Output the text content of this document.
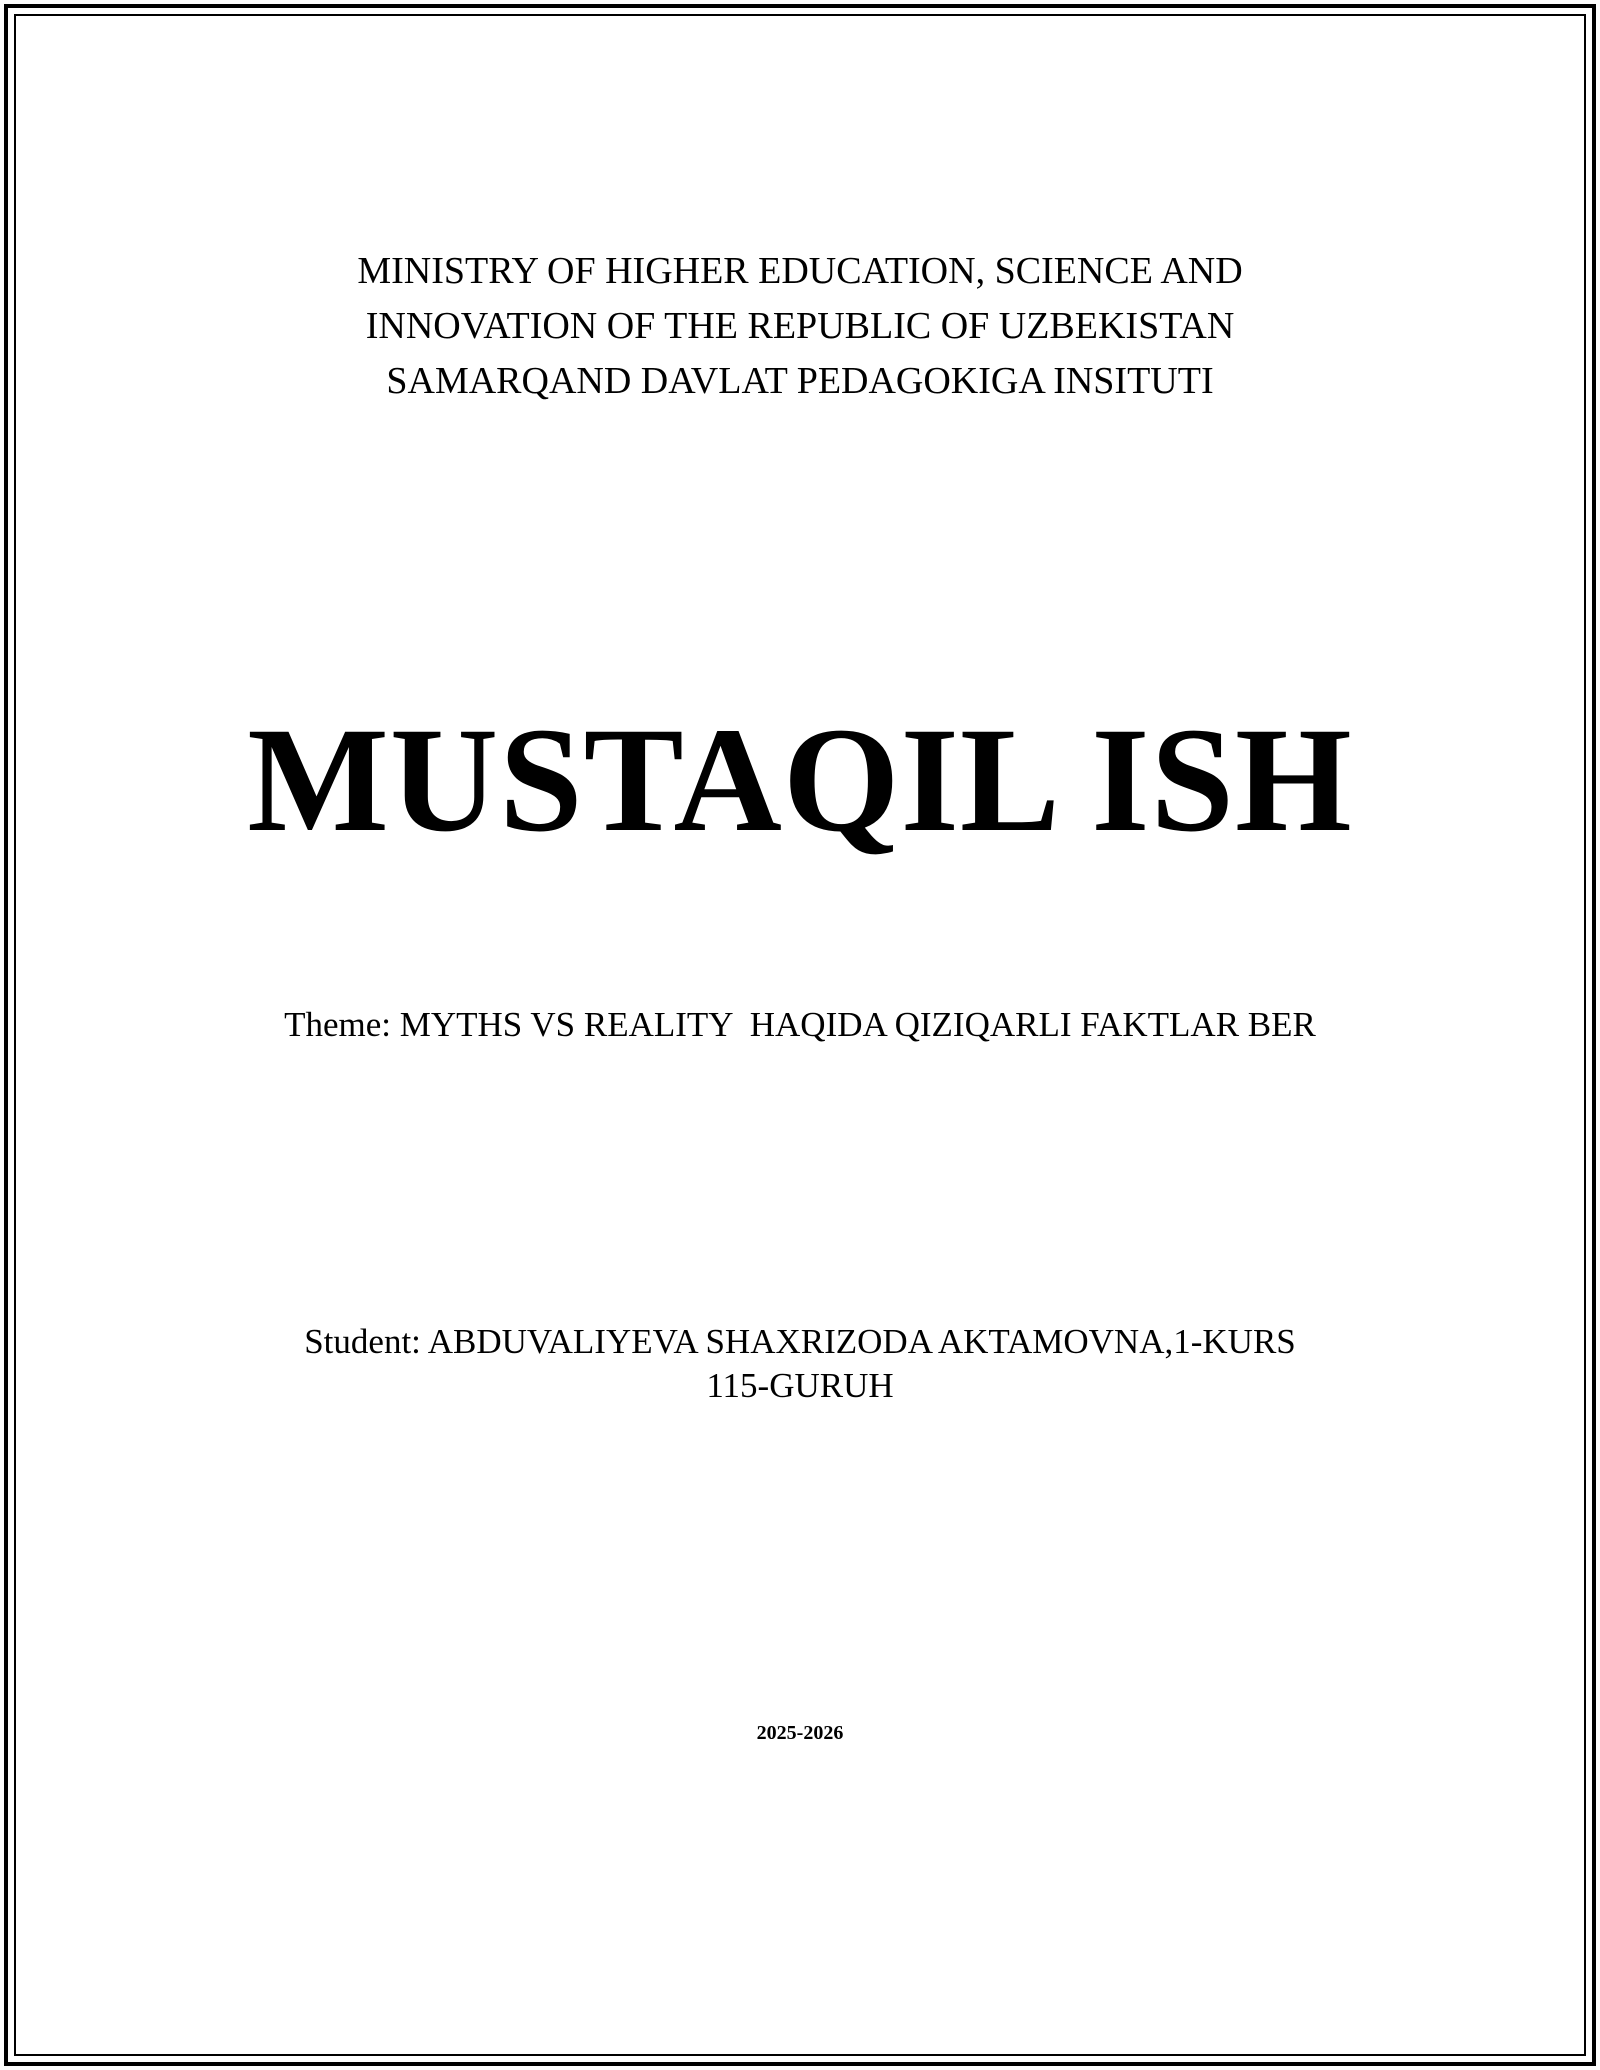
MINISTRY OF HIGHER EDUCATION, SCIENCE AND
INNOVATION OF THE REPUBLIC OF UZBEKISTAN
SAMARQAND DAVLAT PEDAGOKIGA INSITUTI
MUSTAQIL ISH
Theme: MYTHS VS REALITY  HAQIDA QIZIQARLI FAKTLAR BER
Student: ABDUVALIYEVA SHAXRIZODA AKTAMOVNA,1-KURS
115-GURUH
2025-2026
